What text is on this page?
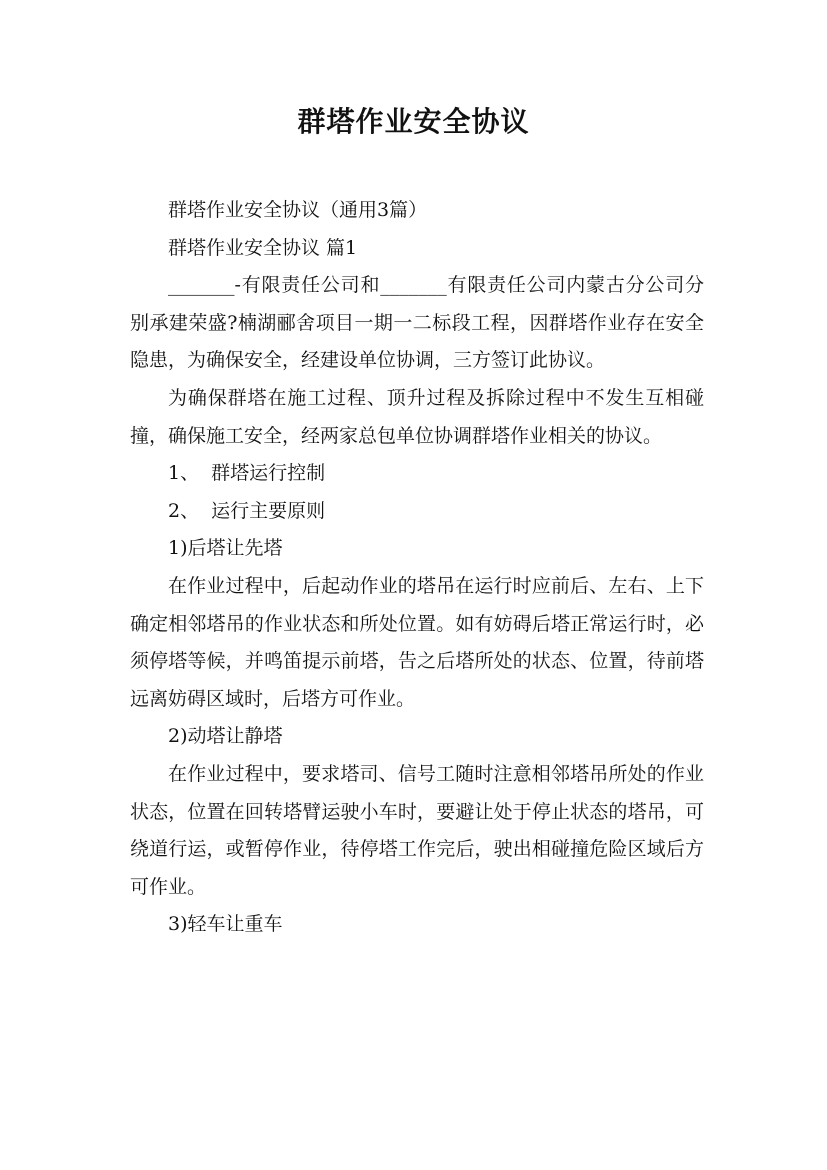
群塔作业安全协议

群塔作业安全协议（通用3篇）

群塔作业安全协议 篇1

_______-有限责任公司和_______有限责任公司内蒙古分公司分别承建荣盛?楠湖郦舍项目一期一二标段工程，因群塔作业存在安全隐患，为确保安全，经建设单位协调，三方签订此协议。

为确保群塔在施工过程、顶升过程及拆除过程中不发生互相碰撞，确保施工安全，经两家总包单位协调群塔作业相关的协议。

1、  群塔运行控制

2、  运行主要原则

1)后塔让先塔

在作业过程中，后起动作业的塔吊在运行时应前后、左右、上下确定相邻塔吊的作业状态和所处位置。如有妨碍后塔正常运行时，必须停塔等候，并鸣笛提示前塔，告之后塔所处的状态、位置，待前塔远离妨碍区域时，后塔方可作业。

2)动塔让静塔

在作业过程中，要求塔司、信号工随时注意相邻塔吊所处的作业状态，位置在回转塔臂运驶小车时，要避让处于停止状态的塔吊，可绕道行运，或暂停作业，待停塔工作完后，驶出相碰撞危险区域后方可作业。

3)轻车让重车
